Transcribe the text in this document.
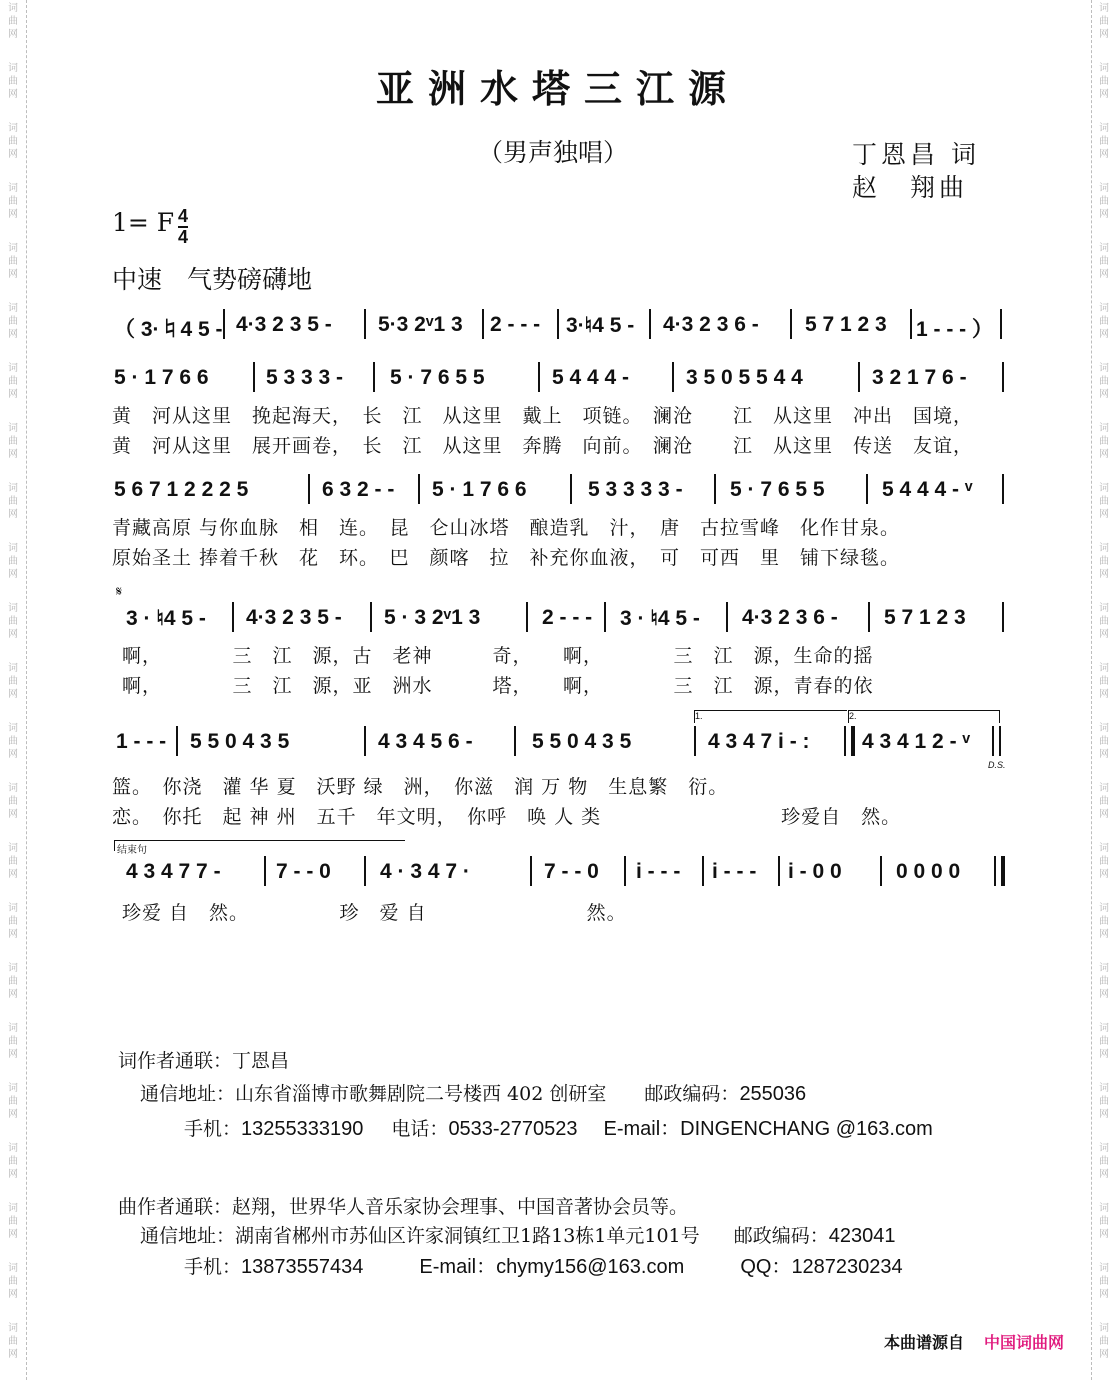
词
曲
网
词
曲
网
词
曲
网
词
曲
网
词
曲
网
词
曲
网
词
曲
网
词
曲
网
词
曲
网
词
曲
网
词
曲
网
词
曲
网
词
曲
网
词
曲
网
词
曲
网
词
曲
网
词
曲
网
词
曲
网
词
曲
网
词
曲
网
词
曲
网
词
曲
网
词
曲
网
词
曲
网
词
曲
网
词
曲
网
词
曲
网
词
曲
网
词
曲
网
词
曲
网
词
曲
网
词
曲
网
词
曲
网
词
曲
网
词
曲
网
词
曲
网
词
曲
网
词
曲
网
词
曲
网
词
曲
网
词
曲
网
词
曲
网
词
曲
网
词
曲
网
词
曲
网
词
曲
网
亚洲水塔三江源
（男声独唱）	丁恩昌 词
赵　翔曲
1= F $\frac{4}{4}$
中速　气势磅礴地
（ 3·♮4 5 - 4·3 2 3 5 - 5·3 2ᵛ1 3 2 - - - 3·♮4 5 - 4·3 2 3 6 - 5 7 1 2 3 1 - - - ）
5 · 1 7 6 6	5 3 3 3 - 5 · 7 6 5 5	5 4 4 4 -	3 5 0 5 5 4 4	3 2 1 7 6 -
黄　河从这里　挽起海天，　长　江　从这里　戴上　项链。　澜沧　　江　从这里　冲出　国境，
黄　河从这里　展开画卷，　长　江　从这里　奔腾　向前。　澜沧　　江　从这里　传送　友谊，
5 6 7 1 2 2 2 5	6 3 2 - - 5 · 1 7 6 6	5 3 3 3 3 - 5 · 7 6 5 5	5 4 4 4 - ᵛ
青藏高原 与你血脉　相　连。　昆　仑山冰塔　酿造乳　汁，　唐　古拉雪峰　化作甘泉。
原始圣土 捧着千秋　花　环。　巴　颜喀　拉　补充你血液，　可　可西　里　铺下绿毯。
𝄋
3 · ♮4 5 - 4·3 2 3 5 - 5 · 3 2ᵛ1 3	2 - - - 3 · ♮4 5 - 4·3 2 3 6 - 5 7 1 2 3
啊，　　　　三　江　源，古　老神　　　奇，　　啊，　　　　三　江　源，生命的摇
啊，　　　　三　江　源，亚　洲水　　　塔，　　啊，　　　　三　江　源，青春的依
1.	2.
1 - - - 5 5 0 4 3 5	4 3 4 5 6 -	5 5 0 4 3 5	4 3 4 7 i - : 4 3 4 1 2 - ᵛ
D.S.
篮。　你浇　灌 华 夏　沃野 绿　洲，　你滋　润 万 物　生息繁　衍。
恋。　你托　起 神 州　五千　年文明，　你呼　唤 人 类　　　　　　　　　珍爱自　然。
结束句
4 3 4 7 7 -	7 - - 0 4 · 3 4 7 ·	7 - - 0 i - - - i - - - i - 0 0	0 0 0 0
珍爱 自　然。　　　　　珍　爱 自　　　　　　　　然。
词作者通联：丁恩昌
通信地址：山东省淄博市歌舞剧院二号楼西 402 创研室 邮政编码：255036
手机：13255333190 电话：0533-2770523 E-mail：DINGENCHANG @163.com
曲作者通联：赵翔，世界华人音乐家协会理事、中国音著协会员等。
通信地址：湖南省郴州市苏仙区许家洞镇红卫1路13栋1单元101号 邮政编码：423041
手机：13873557434	E-mail：chymy156@163.com	QQ：1287230234
本曲谱源自 中国词曲网
